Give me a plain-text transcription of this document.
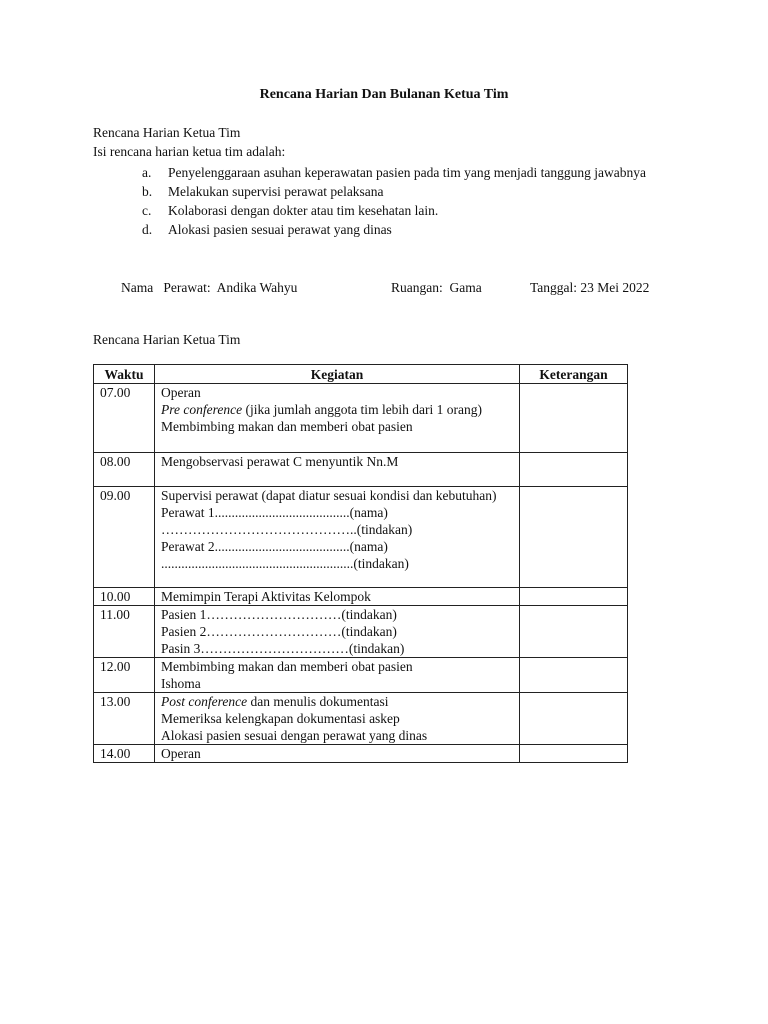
Rencana Harian Dan Bulanan Ketua Tim
Rencana Harian Ketua Tim
Isi rencana harian ketua tim adalah:
a.	Penyelenggaraan asuhan keperawatan pasien pada tim yang menjadi tanggung jawabnya
b.	Melakukan supervisi perawat pelaksana
c.	Kolaborasi dengan dokter atau tim kesehatan lain.
d.	Alokasi pasien sesuai perawat yang dinas
Nama   Perawat:  Andika Wahyu	Ruangan:  Gama	Tanggal: 23 Mei 2022
Rencana Harian Ketua Tim
Waktu	Kegiatan	Keterangan
07.00	Operan
Pre conference (jika jumlah anggota tim lebih dari 1 orang)
Membimbing makan dan memberi obat pasien	

08.00	Mengobservasi perawat C menyuntik Nn.M	

09.00	Supervisi perawat (dapat diatur sesuai kondisi dan kebutuhan)
Perawat 1........................................(nama)
……………………………………..(tindakan)
Perawat 2........................................(nama)
.........................................................(tindakan)	

10.00	Memimpin Terapi Aktivitas Kelompok	

11.00	Pasien 1…………………………(tindakan)
Pasien 2…………………………(tindakan)
Pasin 3……………………………(tindakan)	

12.00	Membimbing makan dan memberi obat pasien
Ishoma	

13.00	Post conference dan menulis dokumentasi
Memeriksa kelengkapan dokumentasi askep
Alokasi pasien sesuai dengan perawat yang dinas	

14.00	Operan	
